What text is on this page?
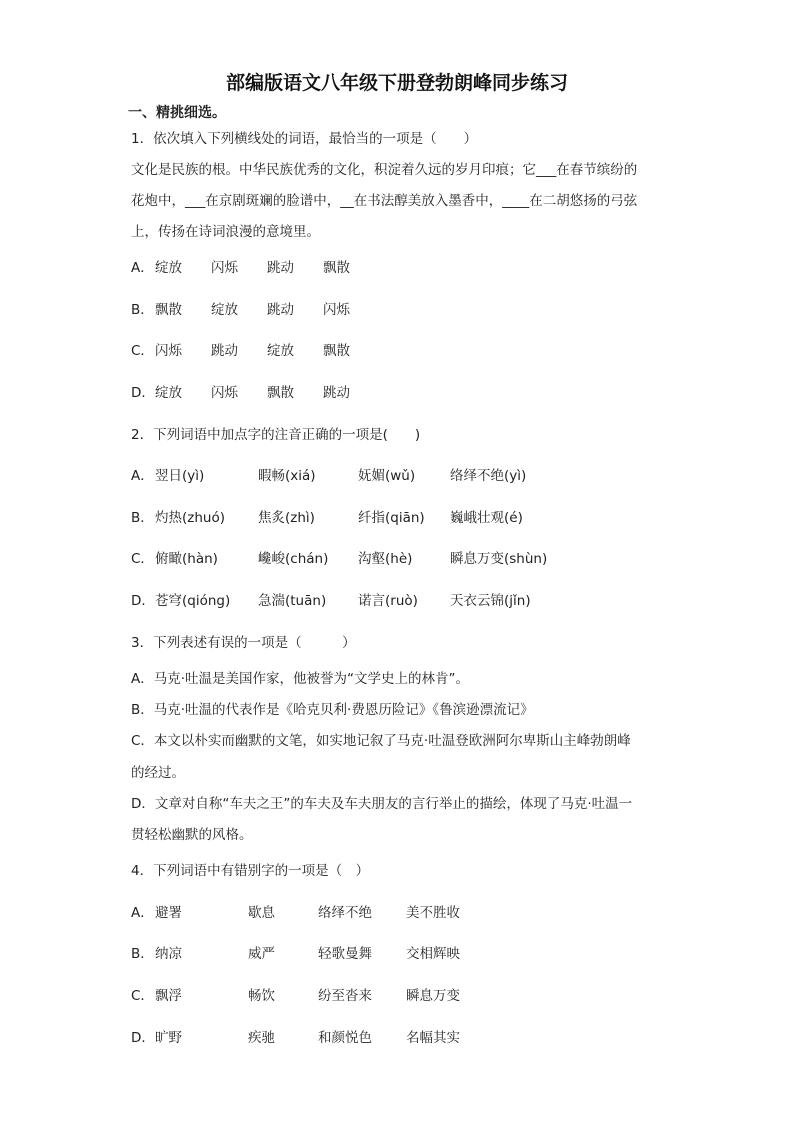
部编版语文八年级下册登勃朗峰同步练习
一、精挑细选。
1．依次填入下列横线处的词语，最恰当的一项是（　　）
文化是民族的根。中华民族优秀的文化，积淀着久远的岁月印痕；它___在春节缤纷的
花炮中，___在京剧斑斓的脸谱中，__在书法醇美放入墨香中，____在二胡悠扬的弓弦
上，传扬在诗词浪漫的意境里。
A．绽放 闪烁 跳动 飘散
B．飘散 绽放 跳动 闪烁
C．闪烁 跳动 绽放 飘散
D．绽放 闪烁 飘散 跳动
2．下列词语中加点字的注音正确的一项是(　　)
A．翌日(yì)	暇畅(xiá)	妩媚(wǔ)	络绎不绝(yì)
B．灼热(zhuó) 焦炙(zhì)	纤指(qiān) 巍峨壮观(é)
C．俯瞰(hàn)	巉峻(chán) 沟壑(hè)	瞬息万变(shùn)
D．苍穹(qióng) 急湍(tuān) 诺言(ruò) 天衣云锦(jǐn)
3．下列表述有误的一项是（　　　）
A．马克·吐温是美国作家，他被誉为“文学史上的林肯”。
B．马克·吐温的代表作是《哈克贝利·费恩历险记》《鲁滨逊漂流记》
C．本文以朴实而幽默的文笔，如实地记叙了马克·吐温登欧洲阿尔卑斯山主峰勃朗峰
的经过。
D．文章对自称“车夫之王”的车夫及车夫朋友的言行举止的描绘，体现了马克·吐温一
贯轻松幽默的风格。
4．下列词语中有错别字的一项是（　）
A．避署	歇息	络绎不绝	美不胜收
B．纳凉	威严	轻歌曼舞	交相辉映
C．飘浮	畅饮	纷至沓来	瞬息万变
D．旷野	疾驰	和颜悦色	名幅其实
